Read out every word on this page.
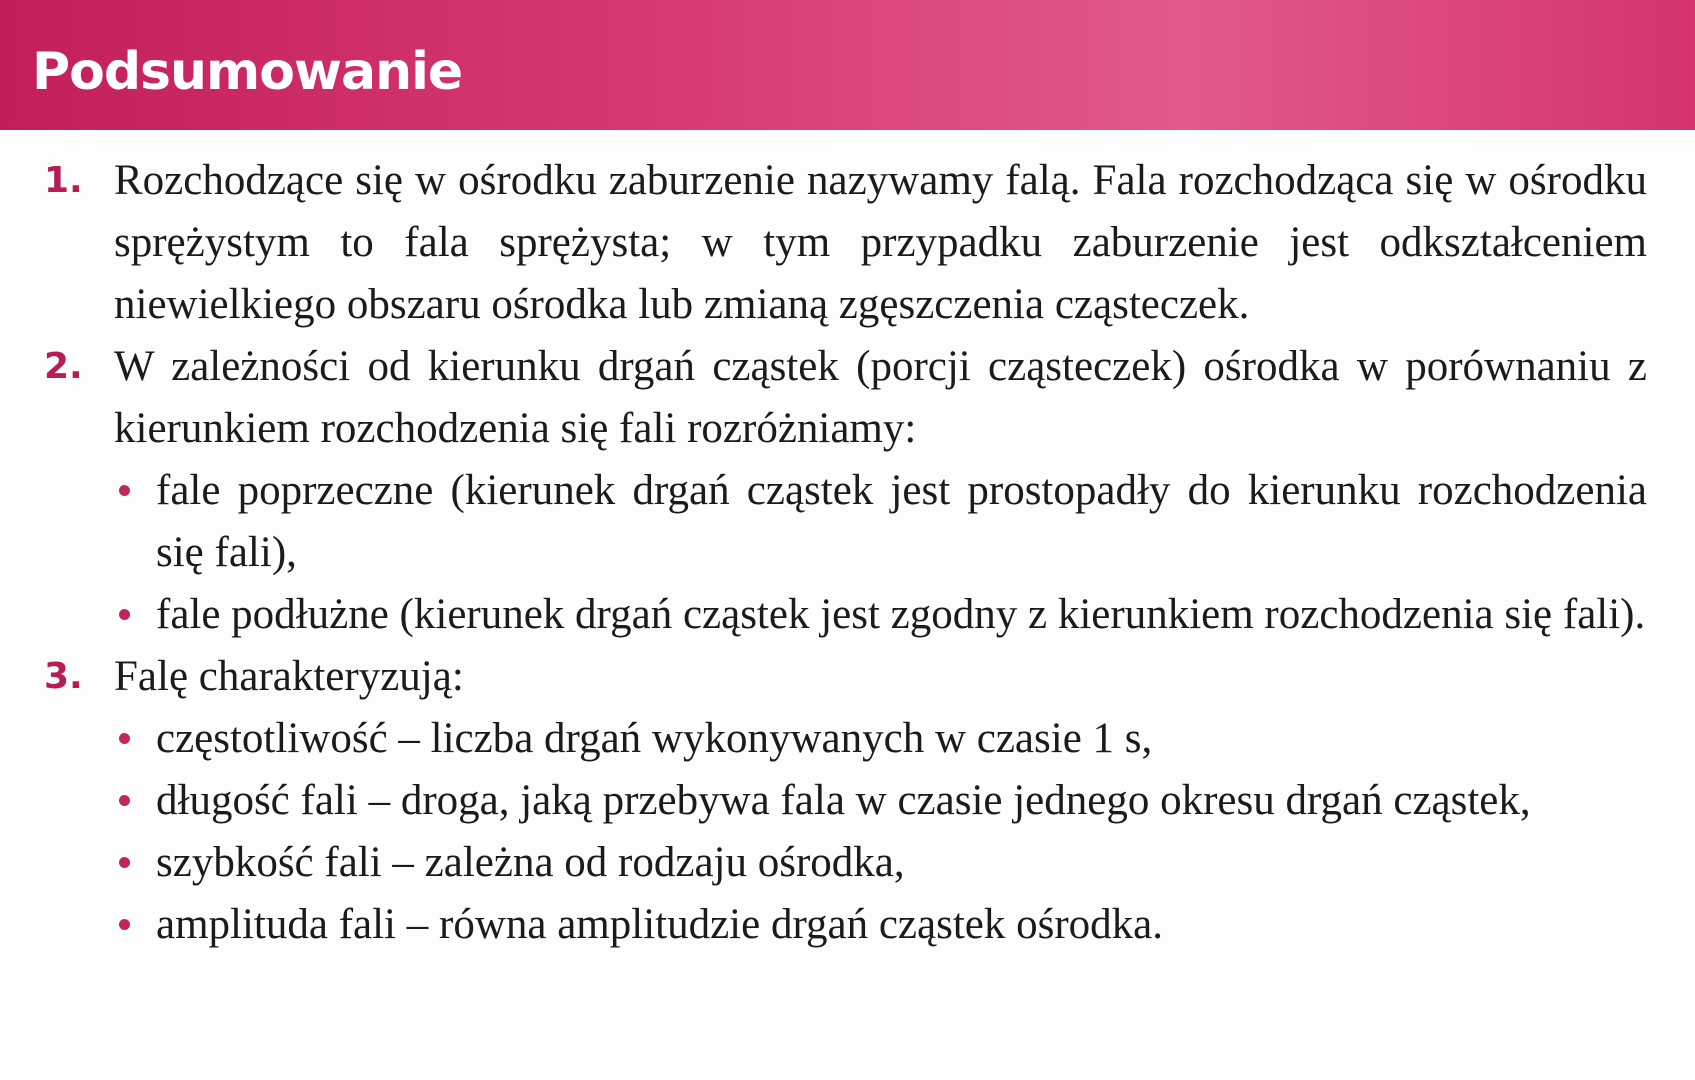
Podsumowanie
1. Rozchodzące się w ośrodku zaburzenie nazywamy falą. Fala rozchodząca się w ośrodku sprężystym to fala sprężysta; w tym przypadku zaburzenie jest odkształceniem niewielkiego obszaru ośrodka lub zmianą zgęszczenia cząsteczek.
2. W zależności od kierunku drgań cząstek (porcji cząsteczek) ośrodka w porównaniu z kierunkiem rozchodzenia się fali rozróżniamy:
fale poprzeczne (kierunek drgań cząstek jest prostopadły do kierunku rozchodzenia się fali),
fale podłużne (kierunek drgań cząstek jest zgodny z kierunkiem rozchodzenia się fali).
3. Falę charakteryzują:
częstotliwość – liczba drgań wykonywanych w czasie 1 s,
długość fali – droga, jaką przebywa fala w czasie jednego okresu drgań cząstek,
szybkość fali – zależna od rodzaju ośrodka,
amplituda fali – równa amplitudzie drgań cząstek ośrodka.
